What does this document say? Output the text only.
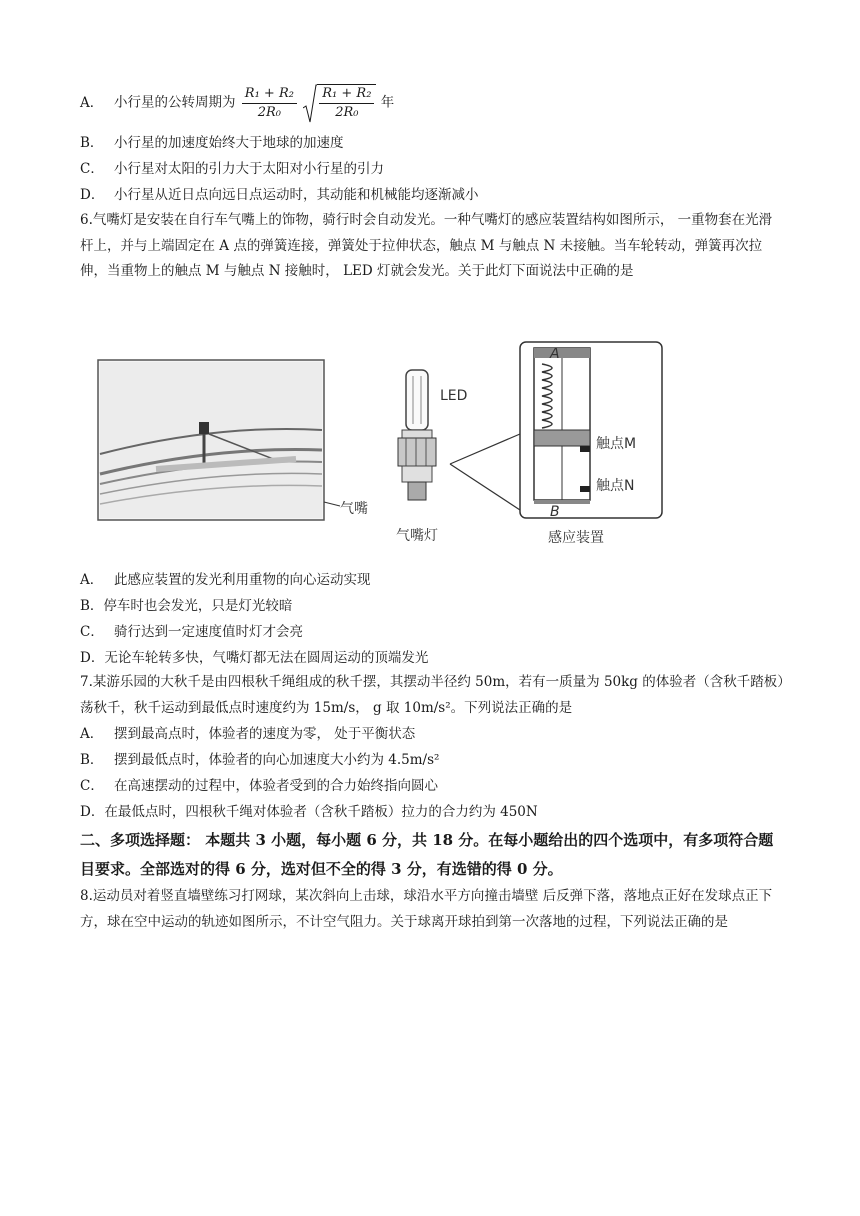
A． 小行星的公转周期为 $\frac{\text{R₁ + R₂}}{\text{2R₀}}$
$\frac{\text{R₁ + R₂}}{\text{2R₀}}$ 年
B． 小行星的加速度始终大于地球的加速度
C． 小行星对太阳的引力大于太阳对小行星的引力
D． 小行星从近日点向远日点运动时，其动能和机械能均逐渐减小
6.气嘴灯是安装在自行车气嘴上的饰物，骑行时会自动发光。一种气嘴灯的感应装置结构如图所示， 一重物套在光滑杆上，并与上端固定在 A 点的弹簧连接，弹簧处于拉伸状态，触点 M 与触点 N 未接触。当车轮转动，弹簧再次拉伸，当重物上的触点 M 与触点 N 接触时， LED 灯就会发光。关于此灯下面说法中正确的是
气嘴
LED
气嘴灯
A
B
触点M
触点N
感应装置
A． 此感应装置的发光利用重物的向心运动实现
B．停车时也会发光，只是灯光较暗
C． 骑行达到一定速度值时灯才会亮
D．无论车轮转多快，气嘴灯都无法在圆周运动的顶端发光
7.某游乐园的大秋千是由四根秋千绳组成的秋千摆，其摆动半径约 50m，若有一质量为 50kg 的体验者（含秋千踏板）荡秋千，秋千运动到最低点时速度约为 15m/s， g 取 10m/s²。下列说法正确的是
A． 摆到最高点时，体验者的速度为零， 处于平衡状态
B． 摆到最低点时，体验者的向心加速度大小约为 4.5m/s²
C． 在高速摆动的过程中，体验者受到的合力始终指向圆心
D．在最低点时，四根秋千绳对体验者（含秋千踏板）拉力的合力约为 450N
二、多项选择题： 本题共 3 小题，每小题 6 分，共 18 分。在每小题给出的四个选项中，有多项符合题目要求。全部选对的得 6 分，选对但不全的得 3 分，有选错的得 0 分。
8.运动员对着竖直墙壁练习打网球，某次斜向上击球，球沿水平方向撞击墙壁 后反弹下落，落地点正好在发球点正下方，球在空中运动的轨迹如图所示，不计空气阻力。关于球离开球拍到第一次落地的过程，下列说法正确的是
